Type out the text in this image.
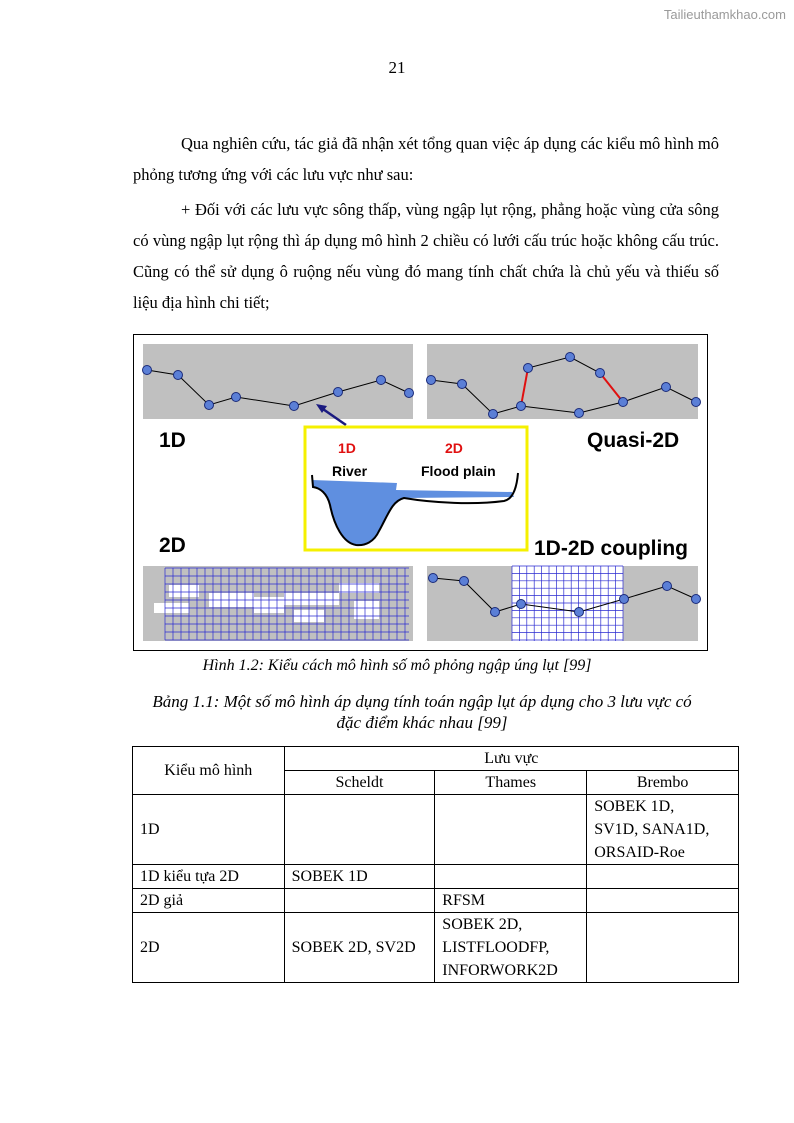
Tailieuthamkhao.com
21
Qua nghiên cứu, tác giả đã nhận xét tổng quan việc áp dụng các kiểu mô hình mô phỏng tương ứng với các lưu vực như sau:
+ Đối với các lưu vực sông thấp, vùng ngập lụt rộng, phẳng hoặc vùng cửa sông có vùng ngập lụt rộng thì áp dụng mô hình 2 chiều có lưới cấu trúc hoặc không cấu trúc. Cũng có thể sử dụng ô ruộng nếu vùng đó mang tính chất chứa là chủ yếu và thiếu số liệu địa hình chi tiết;
1D	Quasi-2D
2D	1D-2D coupling
1D	2D
River	Flood plain
Hình 1.2: Kiểu cách mô hình số mô phỏng ngập úng lụt [99]
Bảng 1.1: Một số mô hình áp dụng tính toán ngập lụt áp dụng cho 3 lưu vực có
đặc điểm khác nhau [99]
Kiểu mô hình	Lưu vực		
	Scheldt	Thames	Brembo
1D			SOBEK 1D,
SV1D, SANA1D,
ORSAID-Roe

1D kiểu tựa 2D	SOBEK 1D		

2D giả		RFSM	

2D	SOBEK 2D, SV2D	SOBEK 2D,
LISTFLOODFP,
INFORWORK2D	
